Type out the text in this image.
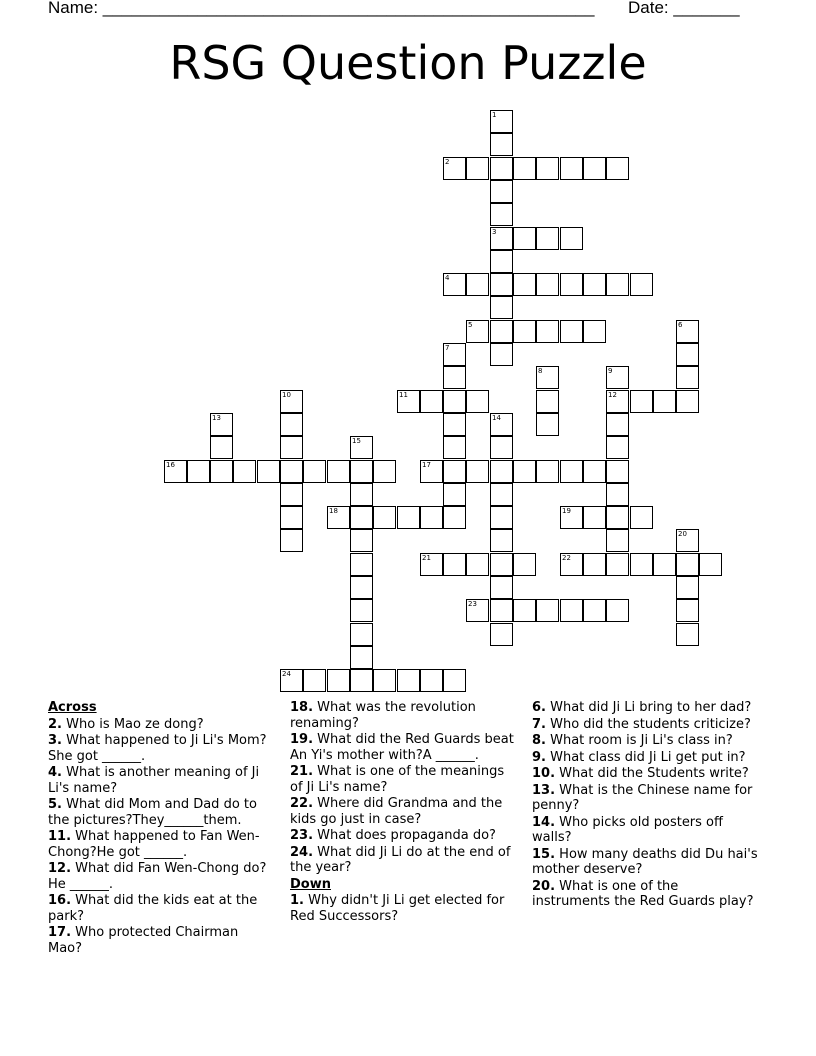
Name: ____________________________________________________ Date: _______
RSG Question Puzzle
1
2
3
4
5	6
7
8	9
10	11	12
13	14
15
16	17
18	19
20
21	22
23
24
Across
2. Who is Mao ze dong?
3. What happened to Ji Li's Mom?She got ______.
4. What is another meaning of Ji Li's name?
5. What did Mom and Dad do to the pictures?They______them.
11. What happened to Fan Wen-Chong?He got ______.
12. What did Fan Wen-Chong do? He ______.
16. What did the kids eat at the park?
17. Who protected Chairman Mao?
18. What was the revolution renaming?
19. What did the Red Guards beat An Yi's mother with?A ______.
21. What is one of the meanings of Ji Li's name?
22. Where did Grandma and the kids go just in case?
23. What does propaganda do?
24. What did Ji Li do at the end of the year?
Down
1. Why didn't Ji Li get elected for Red Successors?
6. What did Ji Li bring to her dad?
7. Who did the students criticize?
8. What room is Ji Li's class in?
9. What class did Ji Li get put in?
10. What did the Students write?
13. What is the Chinese name for penny?
14. Who picks old posters off walls?
15. How many deaths did Du hai's mother deserve?
20. What is one of the instruments the Red Guards play?
